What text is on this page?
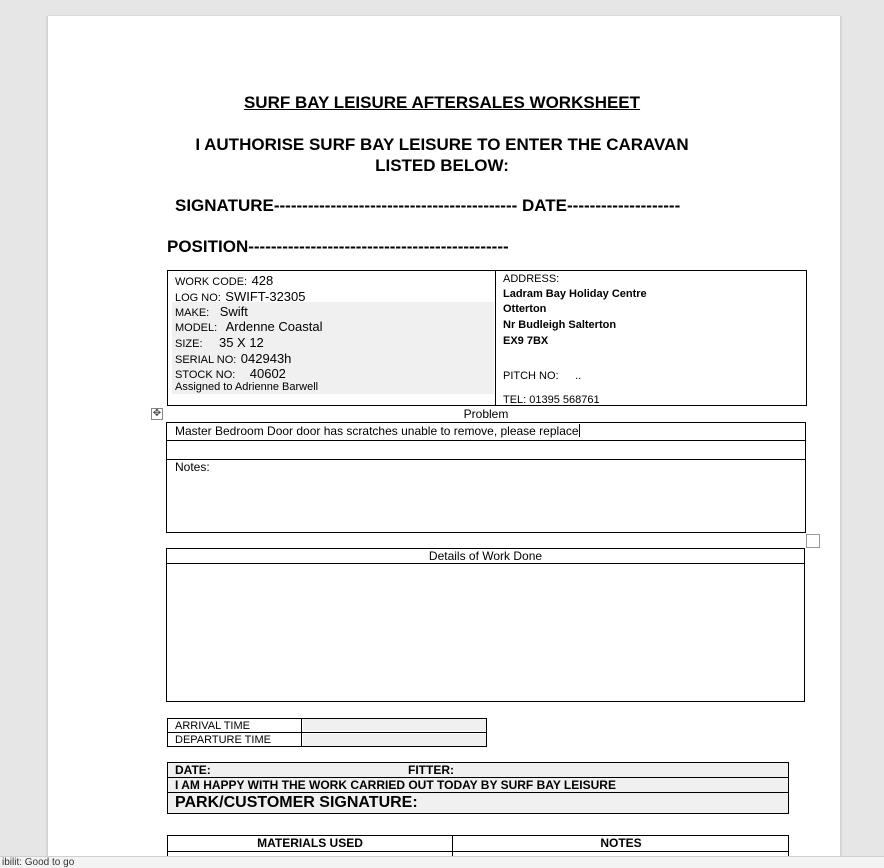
SURF BAY LEISURE AFTERSALES WORKSHEET
I AUTHORISE SURF BAY LEISURE TO ENTER THE CARAVAN
LISTED BELOW:
SIGNATURE------------------------------------------- DATE--------------------
POSITION----------------------------------------------
WORK CODE: 428
LOG NO: SWIFT-32305
MAKE: Swift
MODEL: Ardenne Coastal
SIZE: 35 X 12
SERIAL NO: 042943h
STOCK NO: 40602
Assigned to Adrienne Barwell
ADDRESS:
Ladram Bay Holiday Centre
Otterton
Nr Budleigh Salterton
EX9 7BX
PITCH NO: ..
TEL: 01395 568761
✥	Problem
Master Bedroom Door door has scratches unable to remove, please replace
Notes:
Details of Work Done
ARRIVAL TIME
DEPARTURE TIME
DATE:	FITTER:
I AM HAPPY WITH THE WORK CARRIED OUT TODAY BY SURF BAY LEISURE
PARK/CUSTOMER SIGNATURE:
MATERIALS USED	NOTES
ibilit: Good to go
